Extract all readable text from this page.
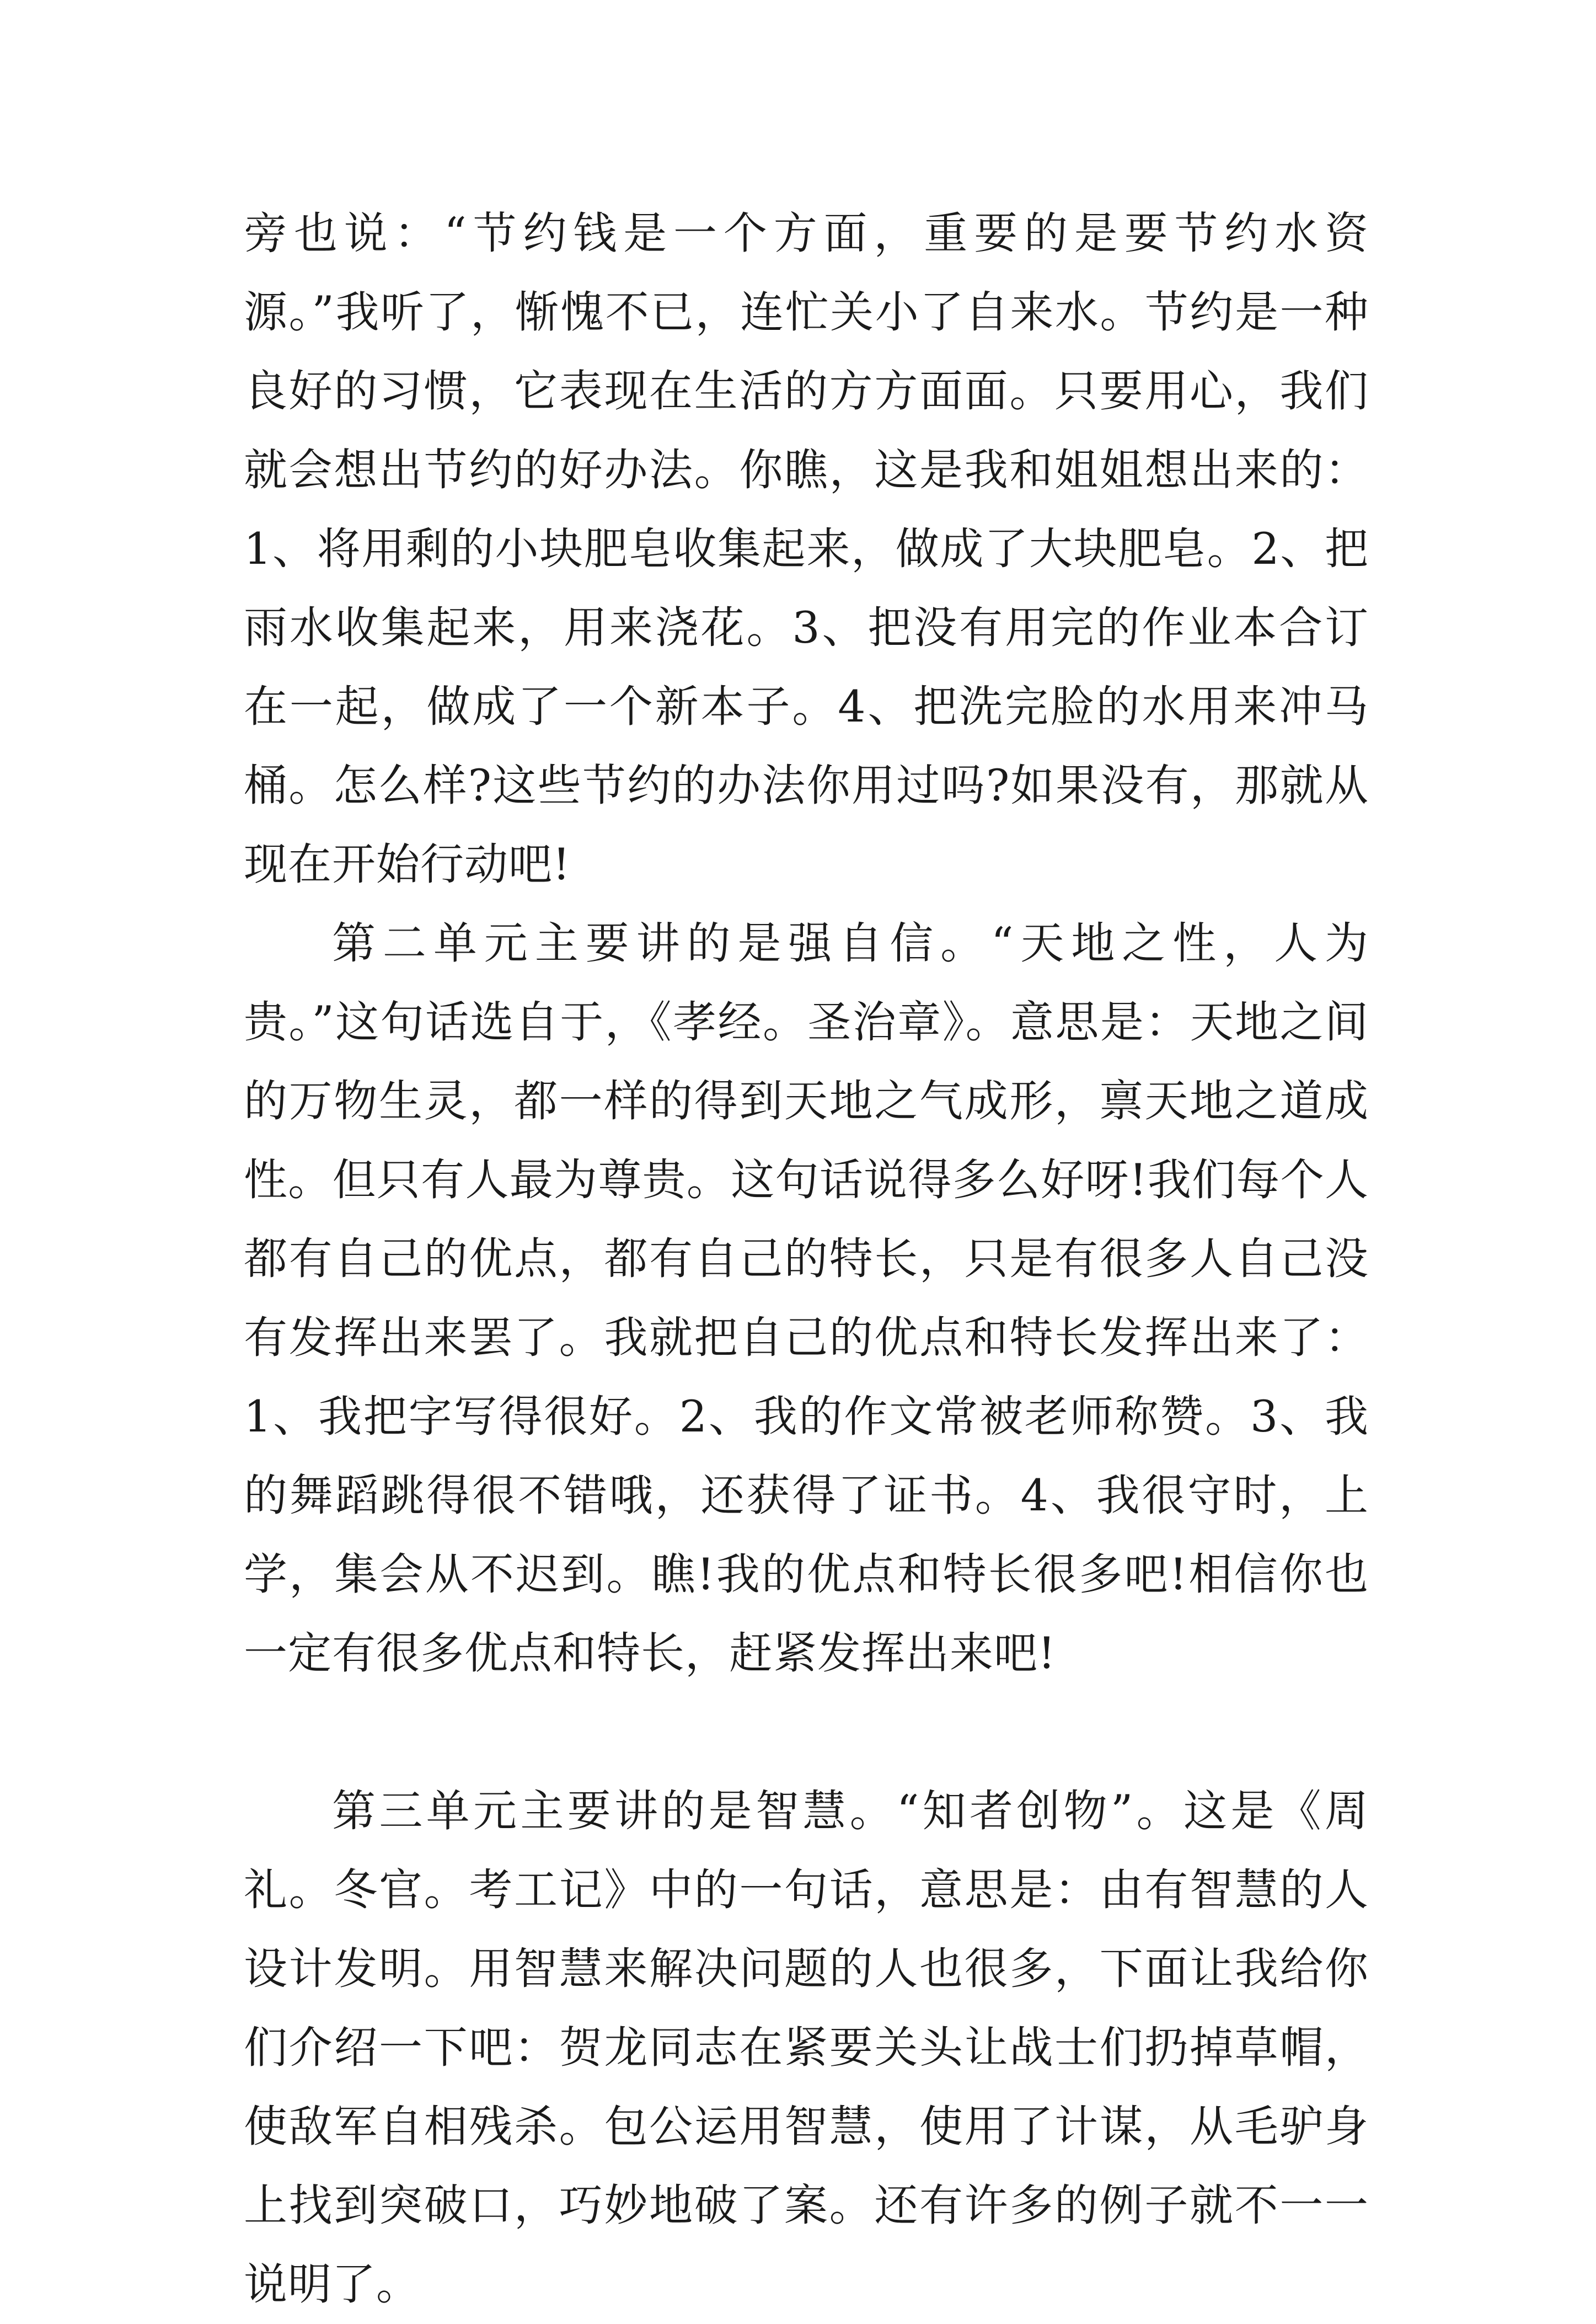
旁也说：“节约钱是一个方面，重要的是要节约水资源。”我听了，惭愧不已，连忙关小了自来水。节约是一种良好的习惯，它表现在生活的方方面面。只要用心，我们就会想出节约的好办法。你瞧，这是我和姐姐想出来的：1、将用剩的小块肥皂收集起来，做成了大块肥皂。2、把雨水收集起来，用来浇花。3、把没有用完的作业本合订在一起，做成了一个新本子。4、把洗完脸的水用来冲马桶。怎么样?这些节约的办法你用过吗?如果没有，那就从现在开始行动吧!

第二单元主要讲的是强自信。“天地之性，人为贵。”这句话选自于，《孝经。圣治章》。意思是：天地之间的万物生灵，都一样的得到天地之气成形，禀天地之道成性。但只有人最为尊贵。这句话说得多么好呀!我们每个人都有自己的优点，都有自己的特长，只是有很多人自己没有发挥出来罢了。我就把自己的优点和特长发挥出来了：1、我把字写得很好。2、我的作文常被老师称赞。3、我的舞蹈跳得很不错哦，还获得了证书。4、我很守时，上学，集会从不迟到。瞧!我的优点和特长很多吧!相信你也一定有很多优点和特长，赶紧发挥出来吧!

第三单元主要讲的是智慧。“知者创物”。这是《周礼。冬官。考工记》中的一句话，意思是：由有智慧的人设计发明。用智慧来解决问题的人也很多，下面让我给你们介绍一下吧：贺龙同志在紧要关头让战士们扔掉草帽，使敌军自相残杀。包公运用智慧，使用了计谋，从毛驴身上找到突破口，巧妙地破了案。还有许多的例子就不一一说明了。
